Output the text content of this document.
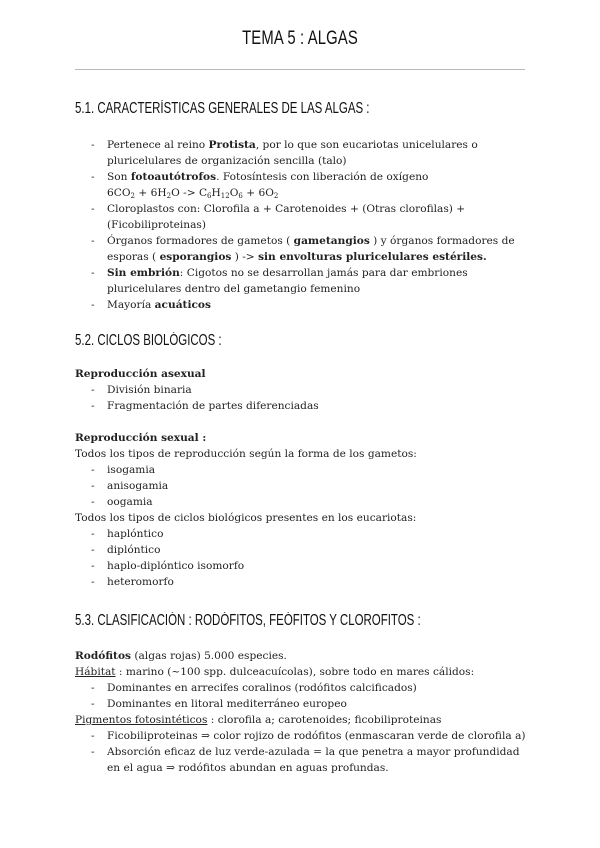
TEMA 5 : ALGAS
5.1. CARACTERÍSTICAS GENERALES DE LAS ALGAS :
- Pertenece al reino Protista, por lo que son eucariotas unicelulares o pluricelulares de organización sencilla (talo)
- Son fotoautótrofos. Fotosíntesis con liberación de oxígeno
$6CO_2 + 6H_2O -> C_6H_{12}O_6 + 6O_2$
- Cloroplastos con: Clorofila a + Carotenoides + (Otras clorofilas) + (Ficobiliproteinas)
- Órganos formadores de gametos ( gametangios ) y órganos formadores de esporas ( esporangios ) -> sin envolturas pluricelulares estériles.
- Sin embrión: Cigotos no se desarrollan jamás para dar embriones pluricelulares dentro del gametangio femenino
- Mayoría acuáticos
5.2. CICLOS BIOLÓGICOS :
Reproducción asexual
- División binaria
- Fragmentación de partes diferenciadas
Reproducción sexual :
Todos los tipos de reproducción según la forma de los gametos:
- isogamia
- anisogamia
- oogamia
Todos los tipos de ciclos biológicos presentes en los eucariotas:
- haplóntico
- diplóntico
- haplo-diplóntico isomorfo
- heteromorfo
5.3. CLASIFICACIÓN : RODÓFITOS, FEÓFITOS Y CLOROFITOS :
Rodófitos (algas rojas) 5.000 especies.
Hábitat : marino (~100 spp. dulceacuícolas), sobre todo en mares cálidos:
- Dominantes en arrecifes coralinos (rodófitos calcificados)
- Dominantes en litoral mediterráneo europeo
Pigmentos fotosintéticos : clorofila a; carotenoides; ficobiliproteinas
- Ficobiliproteinas ⇒ color rojizo de rodófitos (enmascaran verde de clorofila a)
- Absorción eficaz de luz verde-azulada = la que penetra a mayor profundidad en el agua ⇒ rodófitos abundan en aguas profundas.
